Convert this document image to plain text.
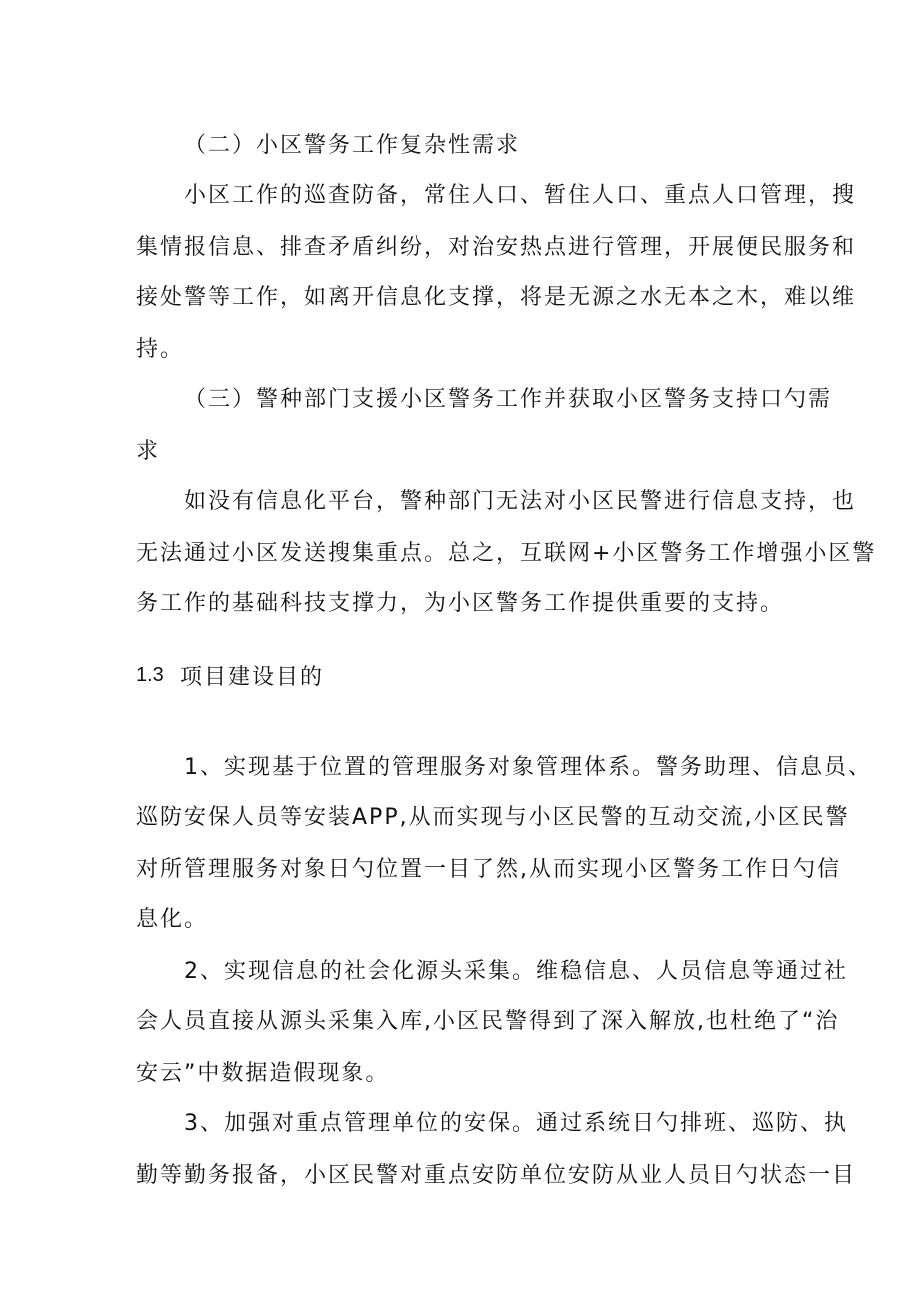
（二）小区警务工作复杂性需求
小区工作的巡查防备，常住人口、暂住人口、重点人口管理，搜
集情报信息、排查矛盾纠纷，对治安热点进行管理，开展便民服务和
接处警等工作，如离开信息化支撑，将是无源之水无本之木，难以维
持。
（三）警种部门支援小区警务工作并获取小区警务支持口勺需
求
如没有信息化平台，警种部门无法对小区民警进行信息支持，也
无法通过小区发送搜集重点。总之，互联网+小区警务工作增强小区警
务工作的基础科技支撑力，为小区警务工作提供重要的支持。
1.3 项目建设目的
1、实现基于位置的管理服务对象管理体系。警务助理、信息员、
巡防安保人员等安装APP,从而实现与小区民警的互动交流,小区民警
对所管理服务对象日勺位置一目了然,从而实现小区警务工作日勺信
息化。
2、实现信息的社会化源头采集。维稳信息、人员信息等通过社
会人员直接从源头采集入库,小区民警得到了深入解放,也杜绝了“治
安云”中数据造假现象。
3、加强对重点管理单位的安保。通过系统日勺排班、巡防、执
勤等勤务报备，小区民警对重点安防单位安防从业人员日勺状态一目
